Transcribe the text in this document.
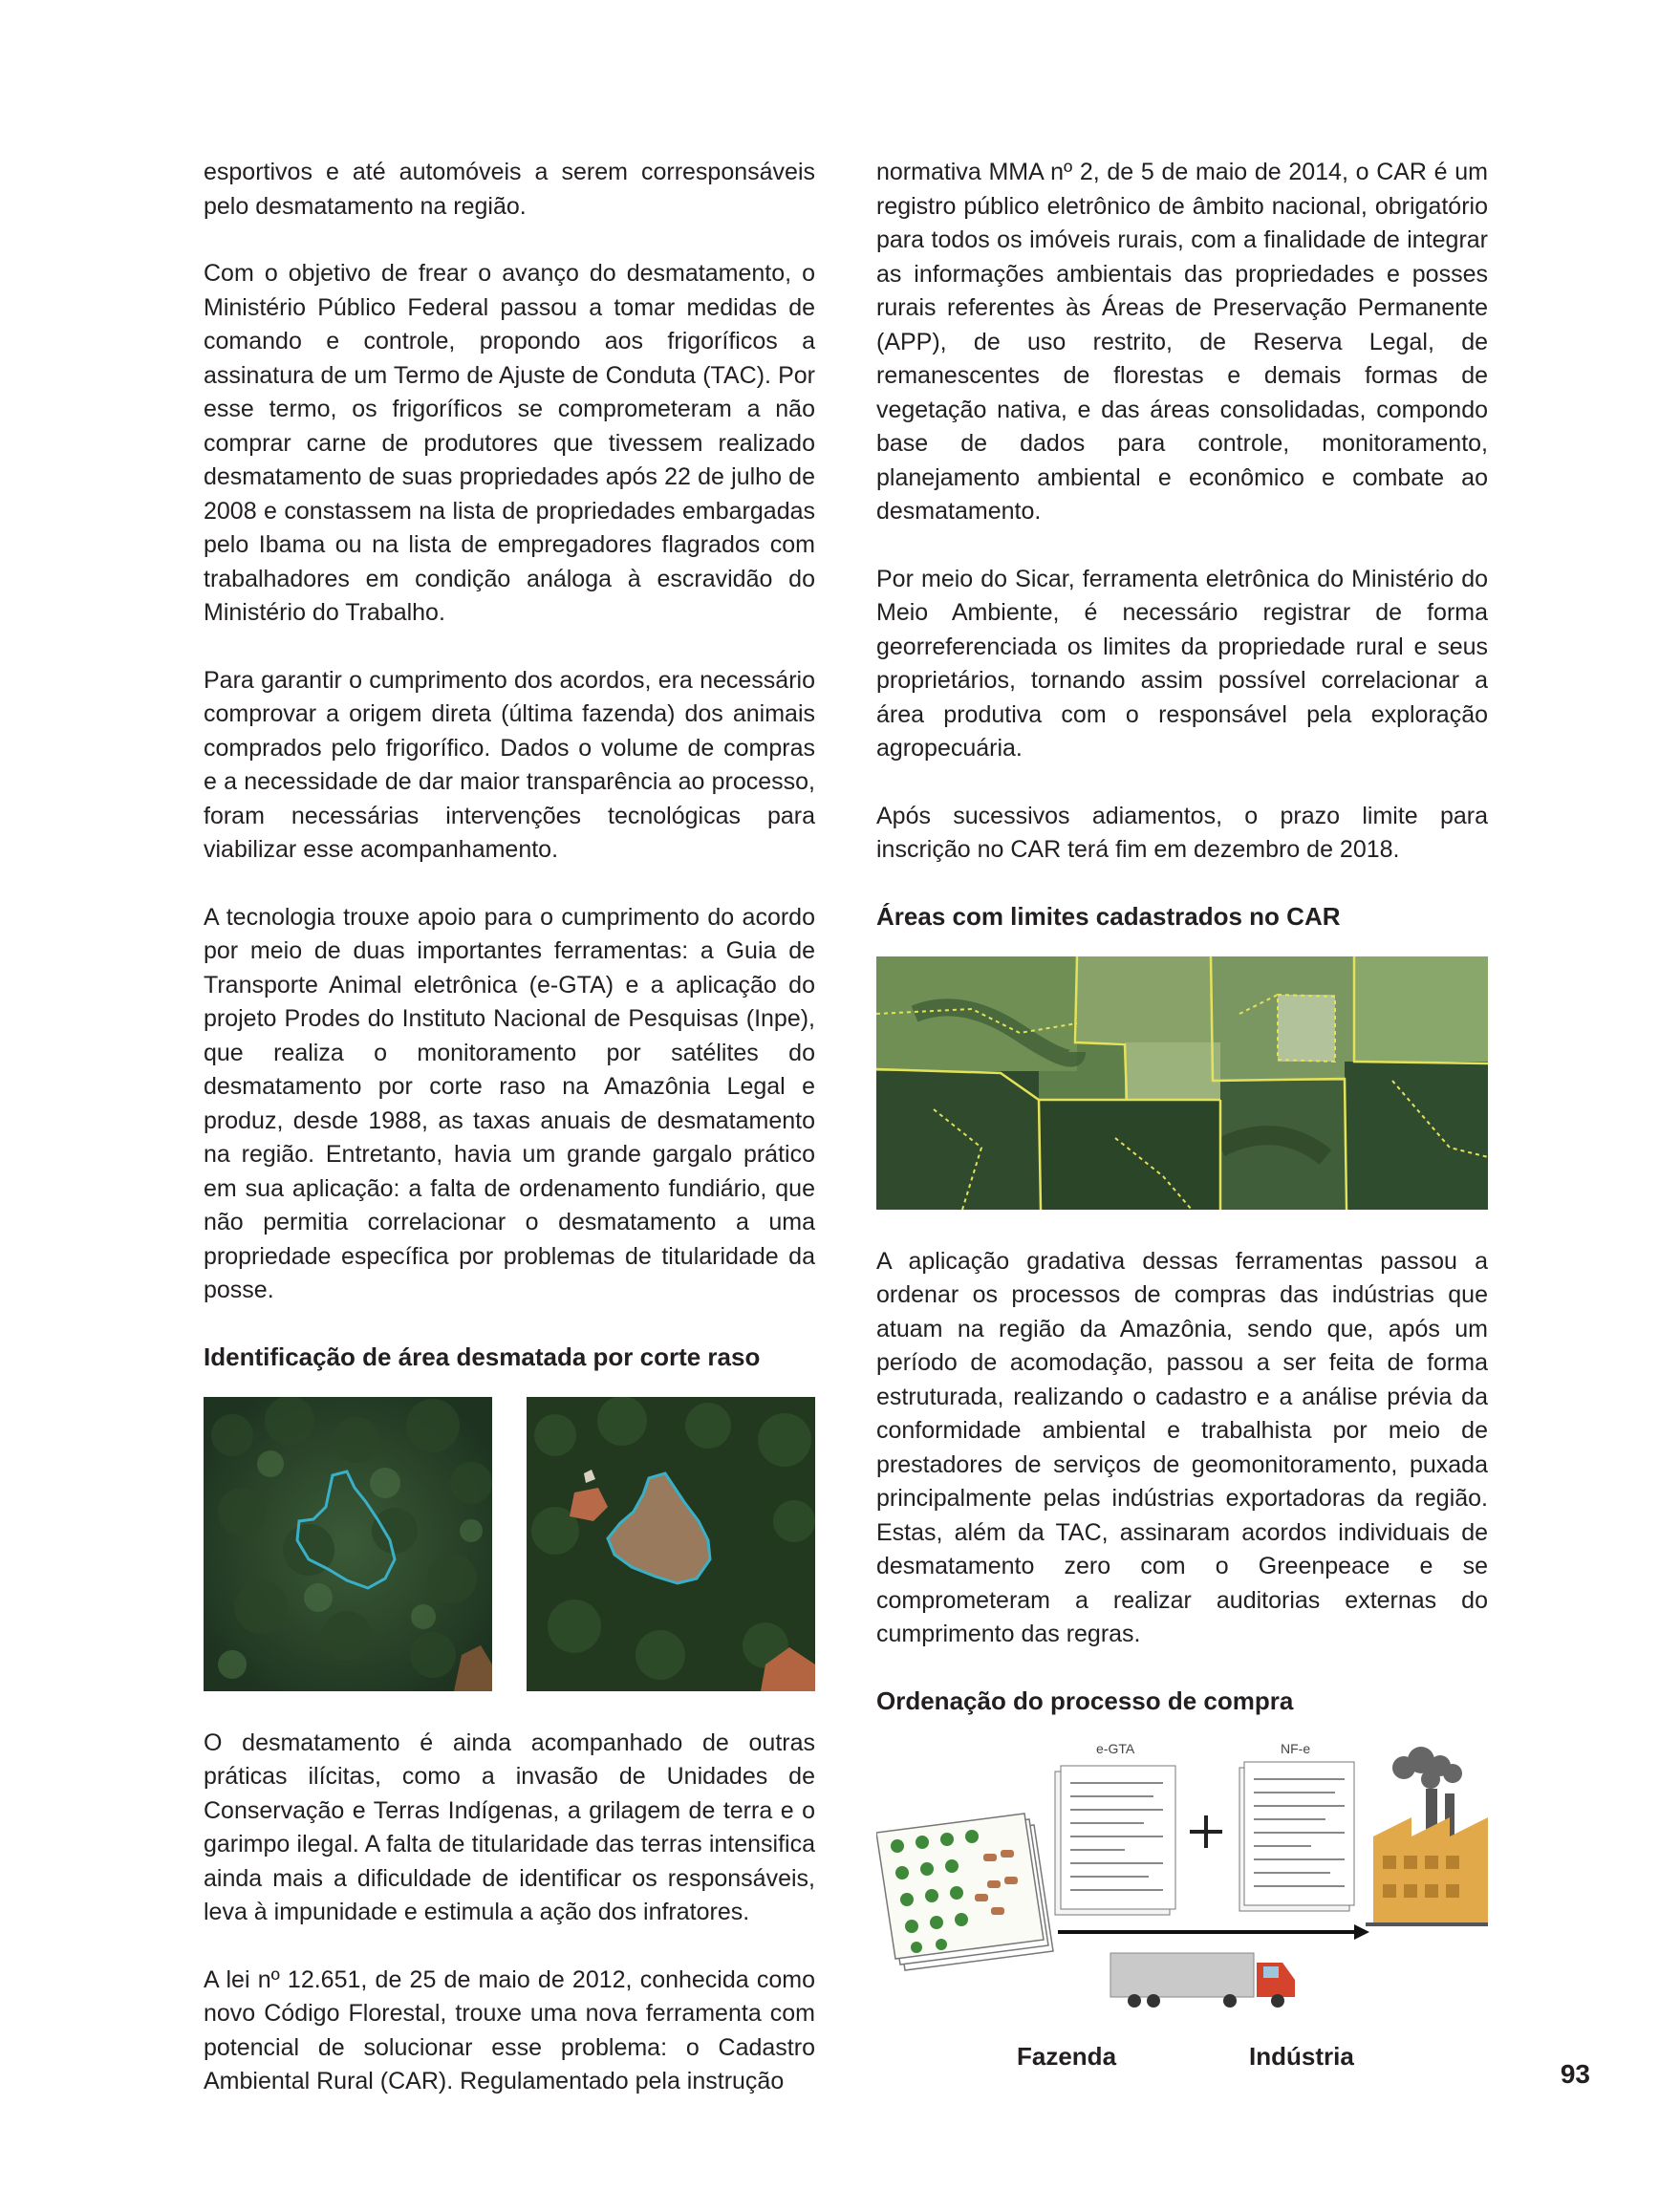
esportivos e até automóveis a serem corresponsáveis pelo desmatamento na região.

Com o objetivo de frear o avanço do desmatamento, o Ministério Público Federal passou a tomar medidas de comando e controle, propondo aos frigoríficos a assinatura de um Termo de Ajuste de Conduta (TAC). Por esse termo, os frigoríficos se comprometeram a não comprar carne de produtores que tivessem realizado desmatamento de suas propriedades após 22 de julho de 2008 e constassem na lista de propriedades embargadas pelo Ibama ou na lista de empregadores flagrados com trabalhadores em condição análoga à escravidão do Ministério do Trabalho.

Para garantir o cumprimento dos acordos, era necessário comprovar a origem direta (última fazenda) dos animais comprados pelo frigorífico. Dados o volume de compras e a necessidade de dar maior transparência ao processo, foram necessárias intervenções tecnológicas para viabilizar esse acompanhamento.

A tecnologia trouxe apoio para o cumprimento do acordo por meio de duas importantes ferramentas: a Guia de Transporte Animal eletrônica (e-GTA) e a aplicação do projeto Prodes do Instituto Nacional de Pesquisas (Inpe), que realiza o monitoramento por satélites do desmatamento por corte raso na Amazônia Legal e produz, desde 1988, as taxas anuais de desmatamento na região. Entretanto, havia um grande gargalo prático em sua aplicação: a falta de ordenamento fundiário, que não permitia correlacionar o desmatamento a uma propriedade específica por problemas de titularidade da posse.

Identificação de área desmatada por corte raso

O desmatamento é ainda acompanhado de outras práticas ilícitas, como a invasão de Unidades de Conservação e Terras Indígenas, a grilagem de terra e o garimpo ilegal. A falta de titularidade das terras intensifica ainda mais a dificuldade de identificar os responsáveis, leva à impunidade e estimula a ação dos infratores.

A lei nº 12.651, de 25 de maio de 2012, conhecida como novo Código Florestal, trouxe uma nova ferramenta com potencial de solucionar esse problema: o Cadastro Ambiental Rural (CAR). Regulamentado pela instrução

normativa MMA nº 2, de 5 de maio de 2014, o CAR é um registro público eletrônico de âmbito nacional, obrigatório para todos os imóveis rurais, com a finalidade de integrar as informações ambientais das propriedades e posses rurais referentes às Áreas de Preservação Permanente (APP), de uso restrito, de Reserva Legal, de remanescentes de florestas e demais formas de vegetação nativa, e das áreas consolidadas, compondo base de dados para controle, monitoramento, planejamento ambiental e econômico e combate ao desmatamento.

Por meio do Sicar, ferramenta eletrônica do Ministério do Meio Ambiente, é necessário registrar de forma georreferenciada os limites da propriedade rural e seus proprietários, tornando assim possível correlacionar a área produtiva com o responsável pela exploração agropecuária.

Após sucessivos adiamentos, o prazo limite para inscrição no CAR terá fim em dezembro de 2018.

Áreas com limites cadastrados no CAR

A aplicação gradativa dessas ferramentas passou a ordenar os processos de compras das indústrias que atuam na região da Amazônia, sendo que, após um período de acomodação, passou a ser feita de forma estruturada, realizando o cadastro e a análise prévia da conformidade ambiental e trabalhista por meio de prestadores de serviços de geomonitoramento, puxada principalmente pelas indústrias exportadoras da região. Estas, além da TAC, assinaram acordos individuais de desmatamento zero com o Greenpeace e se comprometeram a realizar auditorias externas do cumprimento das regras.

Ordenação do processo de compra
e-GTA	NF-e
Fazenda	Indústria
93
